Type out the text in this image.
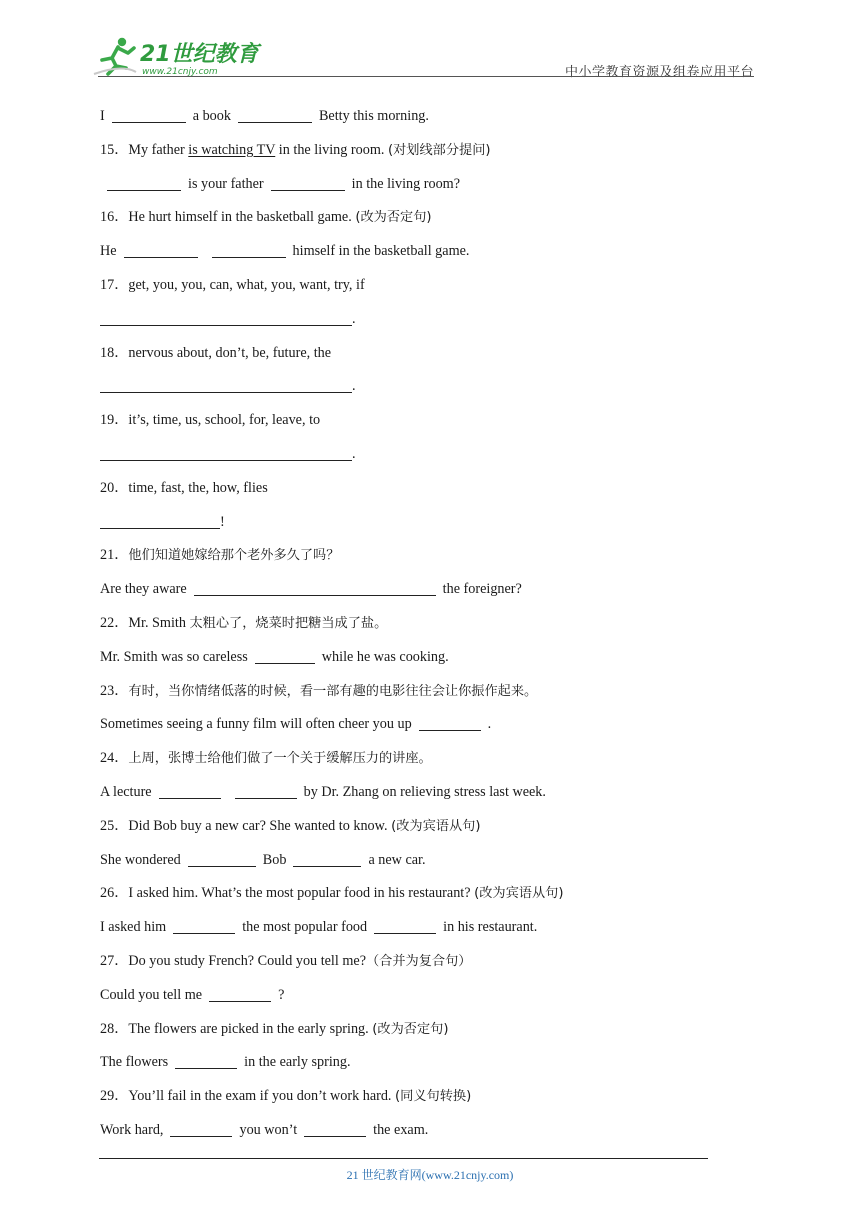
21世纪教育
www.21cnjy.com	中小学教育资源及组卷应用平台
I	a book	Betty this morning.
15．My father is watching TV in the living room. (对划线部分提问)
is your father	in the living room?
16．He hurt himself in the basketball game. (改为否定句)
He	himself in the basketball game.
17．get, you, you, can, what, you, want, try, if
.
18．nervous about, don’t, be, future, the
.
19．it’s, time, us, school, for, leave, to
.
20．time, fast, the, how, flies
!
21．他们知道她嫁给那个老外多久了吗？
Are they aware	the foreigner?
22．Mr. Smith 太粗心了，烧菜时把糖当成了盐。
Mr. Smith was so careless	while he was cooking.
23．有时，当你情绪低落的时候，看一部有趣的电影往往会让你振作起来。
Sometimes seeing a funny film will often cheer you up	.
24．上周，张博士给他们做了一个关于缓解压力的讲座。
A lecture	by Dr. Zhang on relieving stress last week.
25．Did Bob buy a new car? She wanted to know. (改为宾语从句)
She wondered	Bob	a new car.
26．I asked him. What’s the most popular food in his restaurant? (改为宾语从句)
I asked him	the most popular food	in his restaurant.
27．Do you study French? Could you tell me?（合并为复合句）
Could you tell me	?
28．The flowers are picked in the early spring. (改为否定句)
The flowers	in the early spring.
29．You’ll fail in the exam if you don’t work hard. (同义句转换)
Work hard,	you won’t	the exam.
21 世纪教育网(www.21cnjy.com)
